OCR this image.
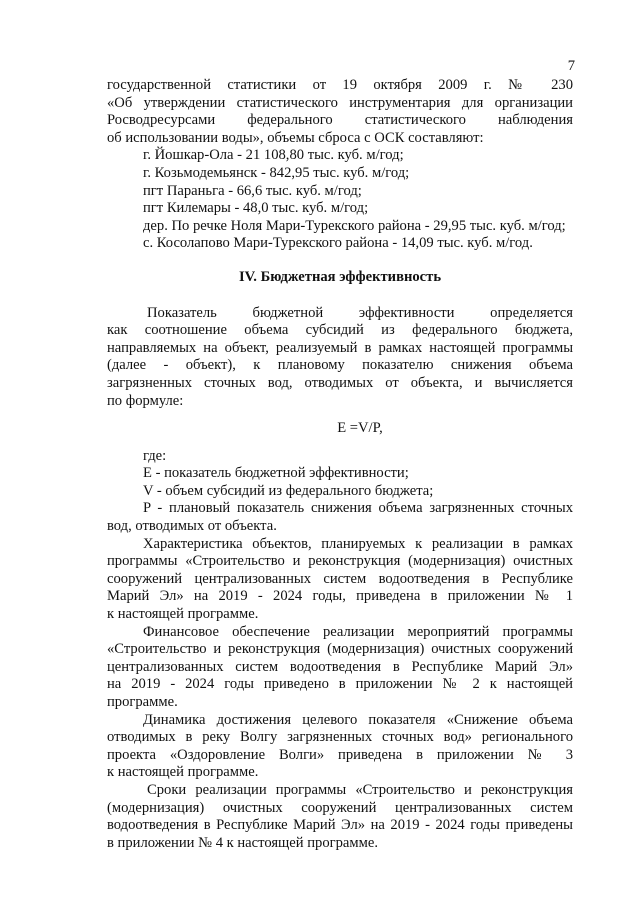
7
государственной статистики от 19 октября 2009 г. № 230
«Об утверждении статистического инструментария для организации
Росводресурсами федерального статистического наблюдения
об использовании воды», объемы сброса с ОСК составляют:
г. Йошкар-Ола - 21 108,80 тыс. куб. м/год;
г. Козьмодемьянск - 842,95 тыс. куб. м/год;
пгт Параньга - 66,6 тыс. куб. м/год;
пгт Килемары - 48,0 тыс. куб. м/год;
дер. По речке Ноля Мари-Турекского района - 29,95 тыс. куб. м/год;
с. Косолапово Мари-Турекского района - 14,09 тыс. куб. м/год.
IV. Бюджетная эффективность
Показатель бюджетной эффективности определяется
как соотношение объема субсидий из федерального бюджета,
направляемых на объект, реализуемый в рамках настоящей программы
(далее - объект), к плановому показателю снижения объема
загрязненных сточных вод, отводимых от объекта, и вычисляется
по формуле:
E =V/P,
где:
E - показатель бюджетной эффективности;
V - объем субсидий из федерального бюджета;
P - плановый показатель снижения объема загрязненных сточных
вод, отводимых от объекта.
Характеристика объектов, планируемых к реализации в рамках
программы «Строительство и реконструкция (модернизация) очистных
сооружений централизованных систем водоотведения в Республике
Марий Эл» на 2019 - 2024 годы, приведена в приложении № 1
к настоящей программе.
Финансовое обеспечение реализации мероприятий программы
«Строительство и реконструкция (модернизация) очистных сооружений
централизованных систем водоотведения в Республике Марий Эл»
на 2019 - 2024 годы приведено в приложении № 2 к настоящей
программе.
Динамика достижения целевого показателя «Снижение объема
отводимых в реку Волгу загрязненных сточных вод» регионального
проекта «Оздоровление Волги» приведена в приложении № 3
к настоящей программе.
Сроки реализации программы «Строительство и реконструкция
(модернизация) очистных сооружений централизованных систем
водоотведения в Республике Марий Эл» на 2019 - 2024 годы приведены
в приложении № 4 к настоящей программе.
